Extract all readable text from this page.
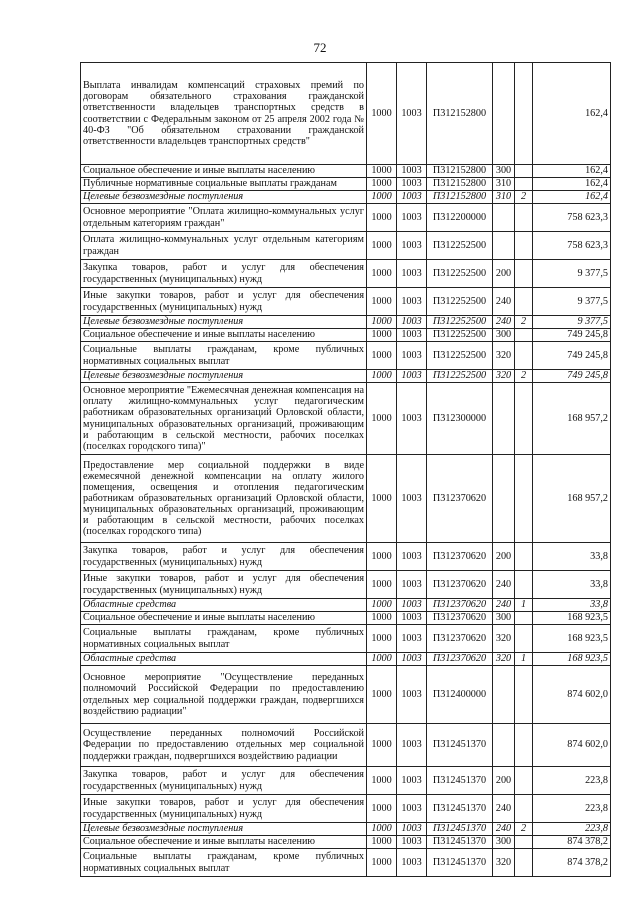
72
Выплата инвалидам компенсаций страховых премий по договорам обязательного страхования гражданской ответственности владельцев транспортных средств в соответствии с Федеральным законом от 25 апреля 2002 года № 40-ФЗ "Об обязательном страховании гражданской ответственности владельцев транспортных средств"	1000	1003	П312152800			162,4
Социальное обеспечение и иные выплаты населению	1000	1003	П312152800	300		162,4
Публичные нормативные социальные выплаты гражданам	1000	1003	П312152800	310		162,4
Целевые безвозмездные поступления	1000	1003	П312152800	310	2	162,4
Основное мероприятие "Оплата жилищно-коммунальных услуг отдельным категориям граждан"	1000	1003	П312200000			758 623,3
Оплата жилищно-коммунальных услуг отдельным категориям граждан	1000	1003	П312252500			758 623,3
Закупка товаров, работ и услуг для обеспечения государственных (муниципальных) нужд	1000	1003	П312252500	200		9 377,5
Иные закупки товаров, работ и услуг для обеспечения государственных (муниципальных) нужд	1000	1003	П312252500	240		9 377,5
Целевые безвозмездные поступления	1000	1003	П312252500	240	2	9 377,5
Социальное обеспечение и иные выплаты населению	1000	1003	П312252500	300		749 245,8
Социальные выплаты гражданам, кроме публичных нормативных социальных выплат	1000	1003	П312252500	320		749 245,8
Целевые безвозмездные поступления	1000	1003	П312252500	320	2	749 245,8
Основное мероприятие "Ежемесячная денежная компенсация на оплату жилищно-коммунальных услуг педагогическим работникам образовательных организаций Орловской области, муниципальных образовательных организаций, проживающим и работающим в сельской местности, рабочих поселках (поселках городского типа)"	1000	1003	П312300000			168 957,2
Предоставление мер социальной поддержки в виде ежемесячной денежной компенсации на оплату жилого помещения, освещения и отопления педагогическим работникам образовательных организаций Орловской области, муниципальных образовательных организаций, проживающим и работающим в сельской местности, рабочих поселках (поселках городского типа)	1000	1003	П312370620			168 957,2
Закупка товаров, работ и услуг для обеспечения государственных (муниципальных) нужд	1000	1003	П312370620	200		33,8
Иные закупки товаров, работ и услуг для обеспечения государственных (муниципальных) нужд	1000	1003	П312370620	240		33,8
Областные средства	1000	1003	П312370620	240	1	33,8
Социальное обеспечение и иные выплаты населению	1000	1003	П312370620	300		168 923,5
Социальные выплаты гражданам, кроме публичных нормативных социальных выплат	1000	1003	П312370620	320		168 923,5
Областные средства	1000	1003	П312370620	320	1	168 923,5
Основное мероприятие "Осуществление переданных полномочий Российской Федерации по предоставлению отдельных мер социальной поддержки граждан, подвергшихся воздействию радиации"	1000	1003	П312400000			874 602,0
Осуществление переданных полномочий Российской Федерации по предоставлению отдельных мер социальной поддержки граждан, подвергшихся воздействию радиации	1000	1003	П312451370			874 602,0
Закупка товаров, работ и услуг для обеспечения государственных (муниципальных) нужд	1000	1003	П312451370	200		223,8
Иные закупки товаров, работ и услуг для обеспечения государственных (муниципальных) нужд	1000	1003	П312451370	240		223,8
Целевые безвозмездные поступления	1000	1003	П312451370	240	2	223,8
Социальное обеспечение и иные выплаты населению	1000	1003	П312451370	300		874 378,2
Социальные выплаты гражданам, кроме публичных нормативных социальных выплат	1000	1003	П312451370	320		874 378,2
